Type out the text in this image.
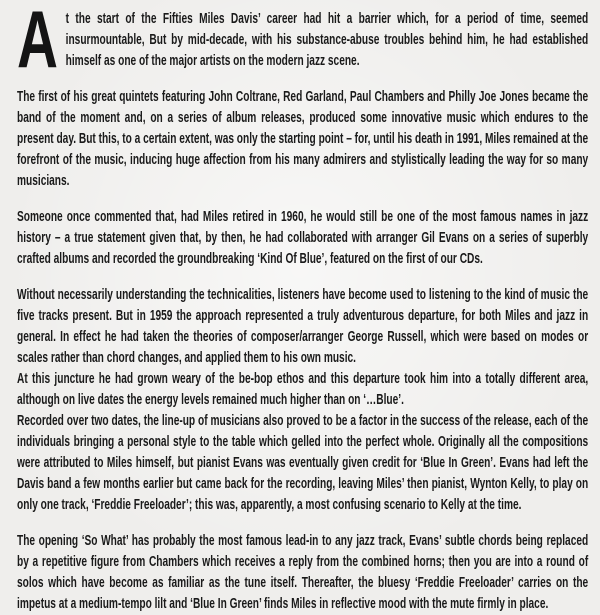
At the start of the Fifties Miles Davis’ career had hit a barrier which, for a period of time, seemed insurmountable, But by mid-decade, with his substance-abuse troubles behind him, he had established himself as one of the major artists on the modern jazz scene.

The first of his great quintets featuring John Coltrane, Red Garland, Paul Chambers and Philly Joe Jones became the band of the moment and, on a series of album releases, produced some innovative music which endures to the present day. But this, to a certain extent, was only the starting point – for, until his death in 1991, Miles remained at the forefront of the music, inducing huge affection from his many admirers and stylistically leading the way for so many musicians.

Someone once commented that, had Miles retired in 1960, he would still be one of the most famous names in jazz history – a true statement given that, by then, he had collaborated with arranger Gil Evans on a series of superbly crafted albums and recorded the groundbreaking ‘Kind Of Blue’, featured on the first of our CDs.

Without necessarily understanding the technicalities, listeners have become used to listening to the kind of music the five tracks present. But in 1959 the approach represented a truly adventurous departure, for both Miles and jazz in general. In effect he had taken the theories of composer/arranger George Russell, which were based on modes or scales rather than chord changes, and applied them to his own music.

At this juncture he had grown weary of the be-bop ethos and this departure took him into a totally different area, although on live dates the energy levels remained much higher than on ‘…Blue’.

Recorded over two dates, the line-up of musicians also proved to be a factor in the success of the release, each of the individuals bringing a personal style to the table which gelled into the perfect whole. Originally all the compositions were attributed to Miles himself, but pianist Evans was eventually given credit for ‘Blue In Green’. Evans had left the Davis band a few months earlier but came back for the recording, leaving Miles’ then pianist, Wynton Kelly, to play on only one track, ‘Freddie Freeloader’; this was, apparently, a most confusing scenario to Kelly at the time.

The opening ‘So What’ has probably the most famous lead-in to any jazz track, Evans’ subtle chords being replaced by a repetitive figure from Chambers which receives a reply from the combined horns; then you are into a round of solos which have become as familiar as the tune itself. Thereafter, the bluesy ‘Freddie Freeloader’ carries on the impetus at a medium-tempo lilt and ‘Blue In Green’ finds Miles in reflective mood with the mute firmly in place.
